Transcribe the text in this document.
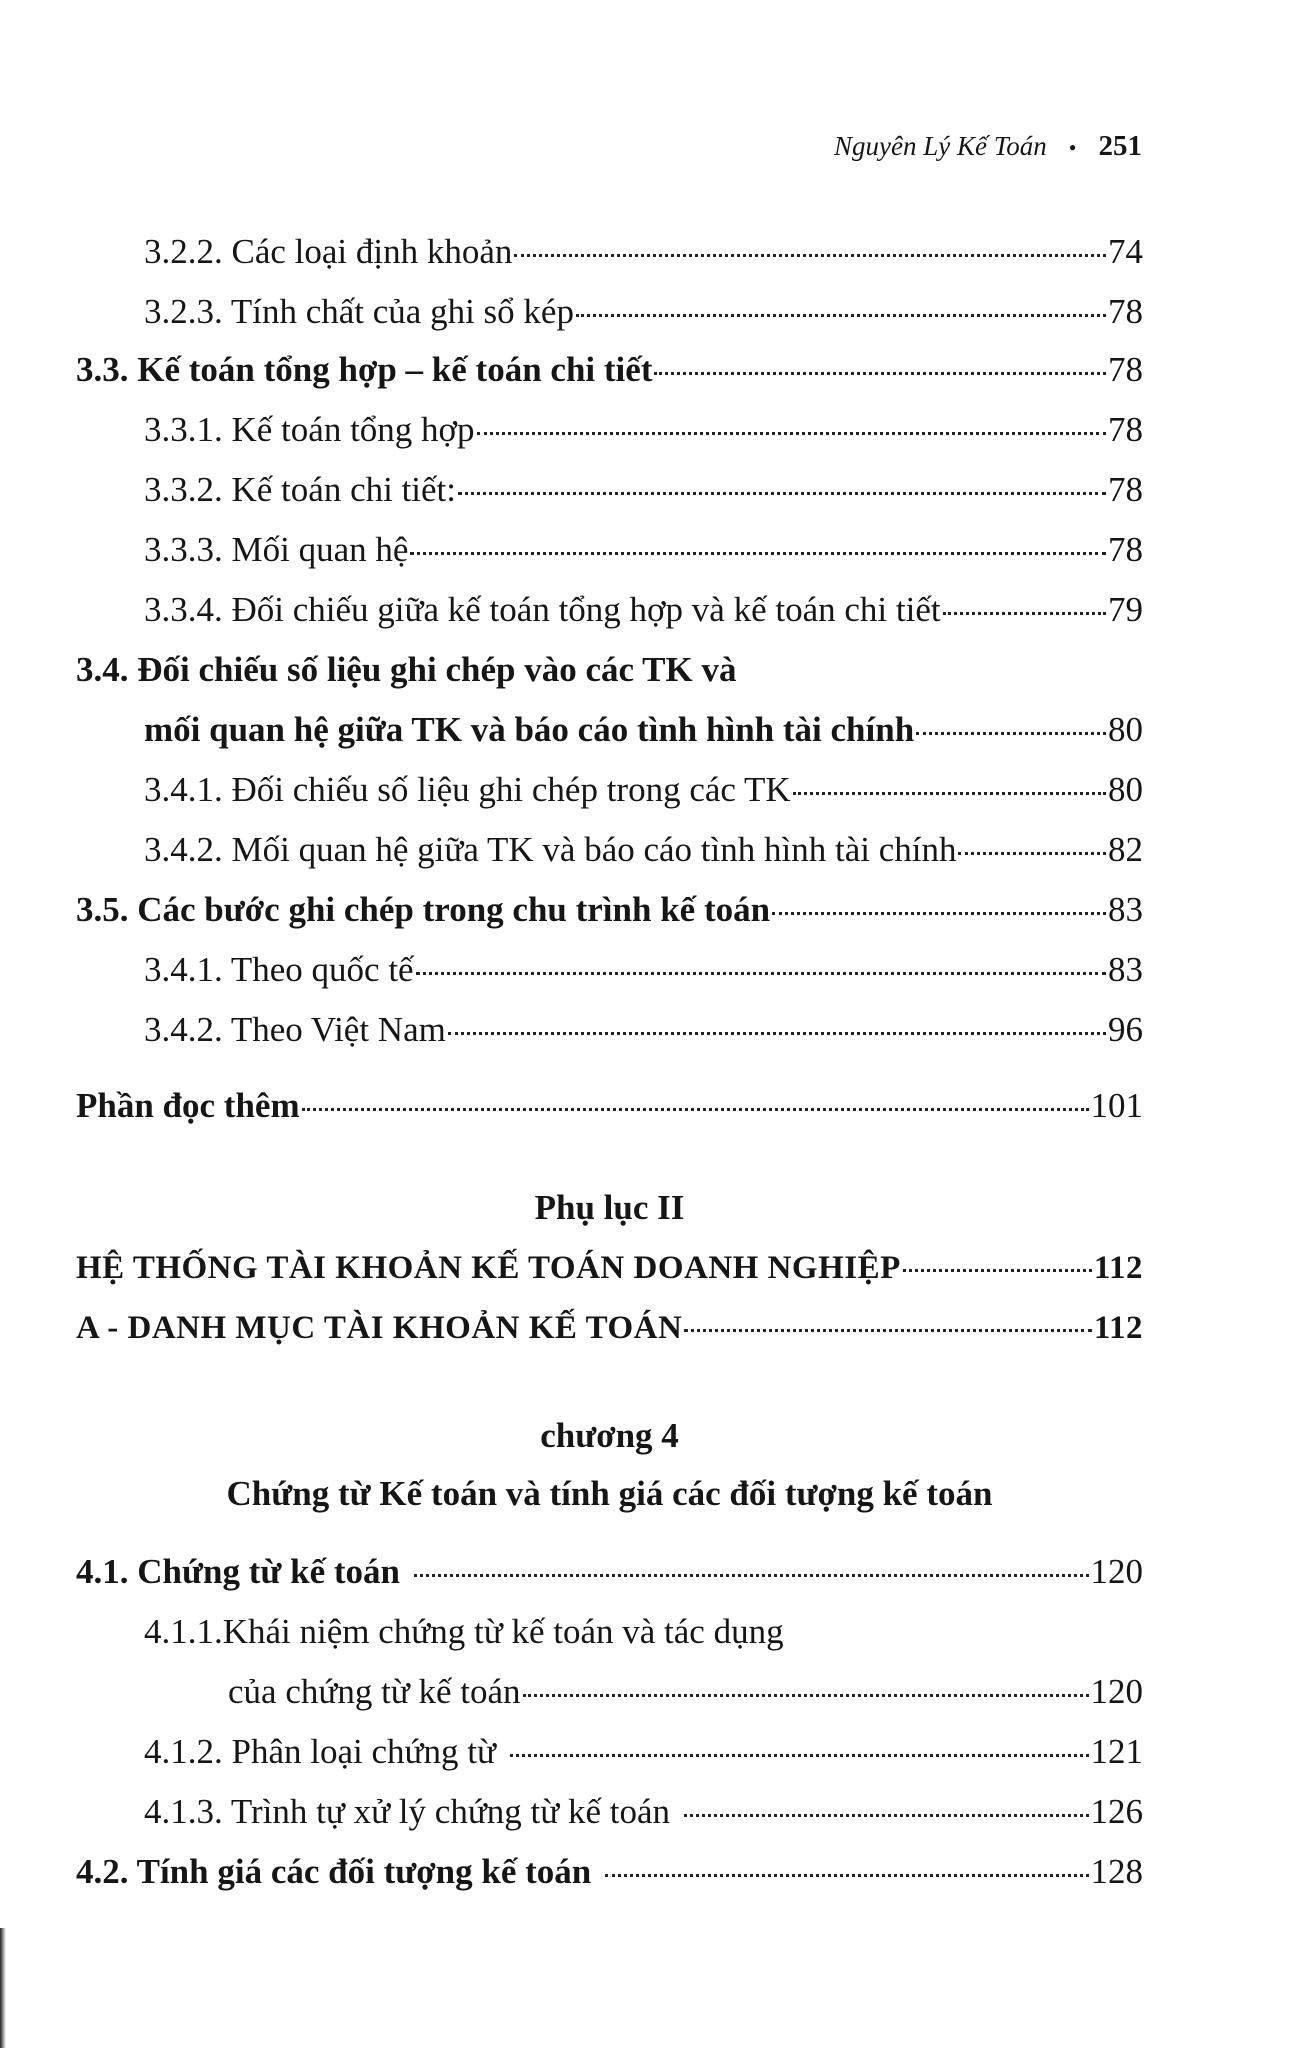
Nguyên Lý Kế Toán • 251
3.2.2. Các loại định khoản	74
3.2.3. Tính chất của ghi sổ kép	78
3.3. Kế toán tổng hợp – kế toán chi tiết	78
3.3.1. Kế toán tổng hợp	78
3.3.2. Kế toán chi tiết:	78
3.3.3. Mối quan hệ	78
3.3.4. Đối chiếu giữa kế toán tổng hợp và kế toán chi tiết	79
3.4. Đối chiếu số liệu ghi chép vào các TK và
mối quan hệ giữa TK và báo cáo tình hình tài chính	80
3.4.1. Đối chiếu số liệu ghi chép trong các TK	80
3.4.2. Mối quan hệ giữa TK và báo cáo tình hình tài chính	82
3.5. Các bước ghi chép trong chu trình kế toán	83
3.4.1. Theo quốc tế	83
3.4.2. Theo Việt Nam	96
Phần đọc thêm	101
Phụ lục II
HỆ THỐNG TÀI KHOẢN KẾ TOÁN DOANH NGHIỆP	112
A - DANH MỤC TÀI KHOẢN KẾ TOÁN	112
chương 4
Chứng từ Kế toán và tính giá các đối tượng kế toán
4.1. Chứng từ kế toán	120
4.1.1.Khái niệm chứng từ kế toán và tác dụng
của chứng từ kế toán	120
4.1.2. Phân loại chứng từ	121
4.1.3. Trình tự xử lý chứng từ kế toán	126
4.2. Tính giá các đối tượng kế toán	128
